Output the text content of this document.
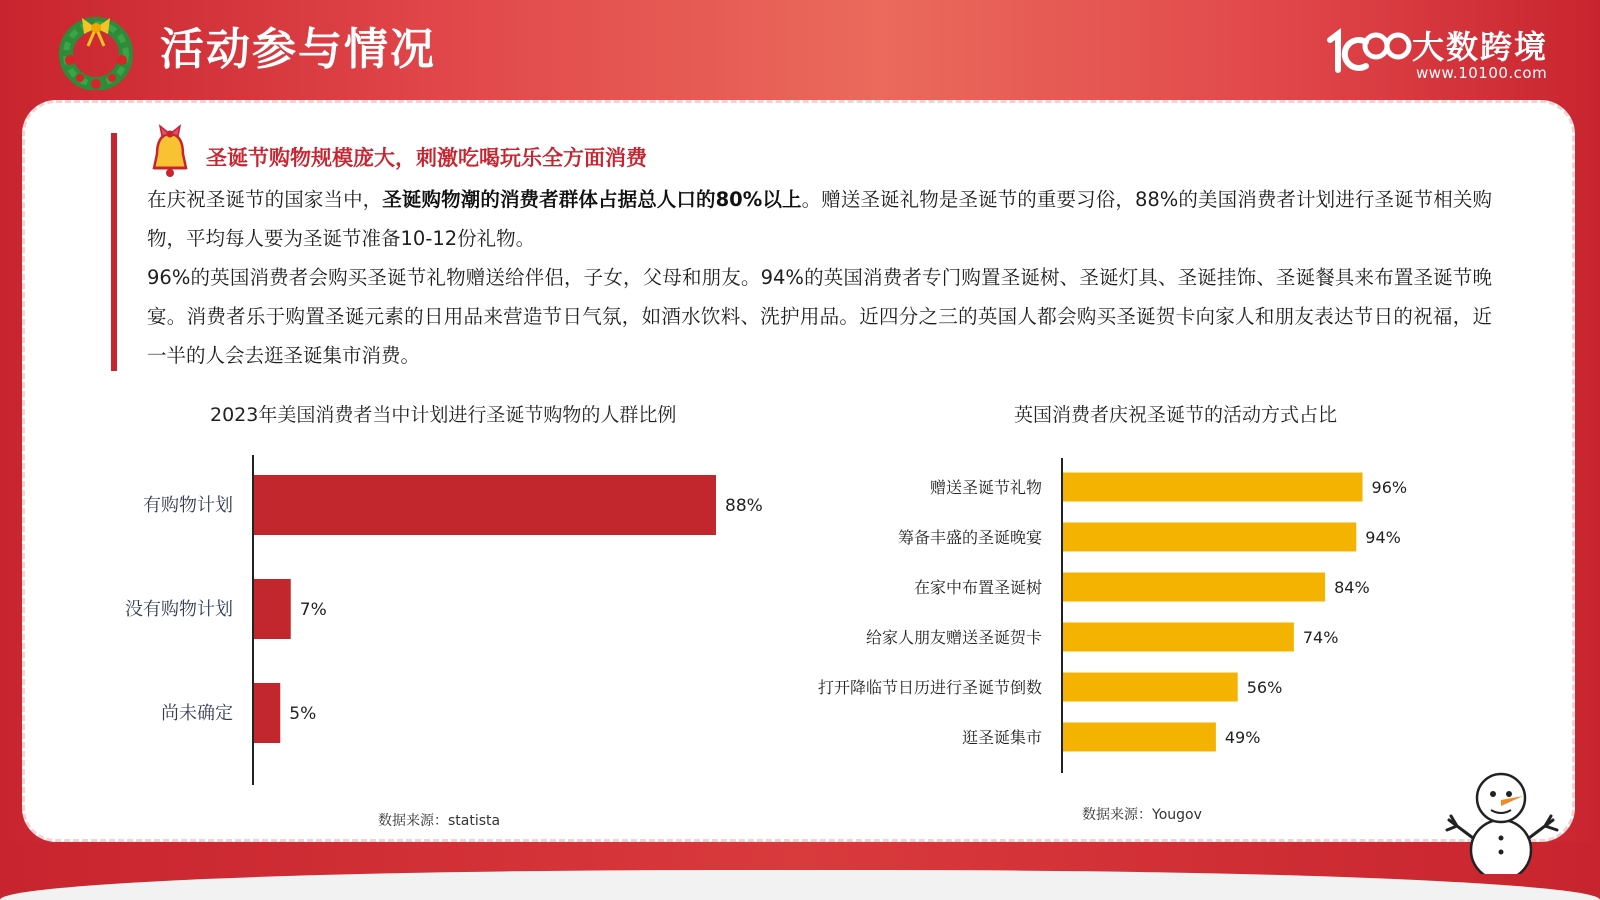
活动参与情况	大数跨境
www.10100.com
圣诞节购物规模庞大，刺激吃喝玩乐全方面消费

在庆祝圣诞节的国家当中，圣诞购物潮的消费者群体占据总人口的80%以上。赠送圣诞礼物是圣诞节的重要习俗，88%的美国消费者计划进行圣诞节相关购物，平均每人要为圣诞节准备10-12份礼物。

96%的英国消费者会购买圣诞节礼物赠送给伴侣，子女，父母和朋友。94%的英国消费者专门购置圣诞树、圣诞灯具、圣诞挂饰、圣诞餐具来布置圣诞节晚宴。消费者乐于购置圣诞元素的日用品来营造节日气氛，如酒水饮料、洗护用品。近四分之三的英国人都会购买圣诞贺卡向家人和朋友表达节日的祝福，近一半的人会去逛圣诞集市消费。

2023年美国消费者当中计划进行圣诞节购物的人群比例
有购物计划	88%
没有购物计划	7%
尚未确定	5%
数据来源：statista
英国消费者庆祝圣诞节的活动方式占比
赠送圣诞节礼物	96%
筹备丰盛的圣诞晚宴	94%
在家中布置圣诞树	84%
给家人朋友赠送圣诞贺卡	74%
打开降临节日历进行圣诞节倒数	56%
逛圣诞集市	49%
数据来源：Yougov
